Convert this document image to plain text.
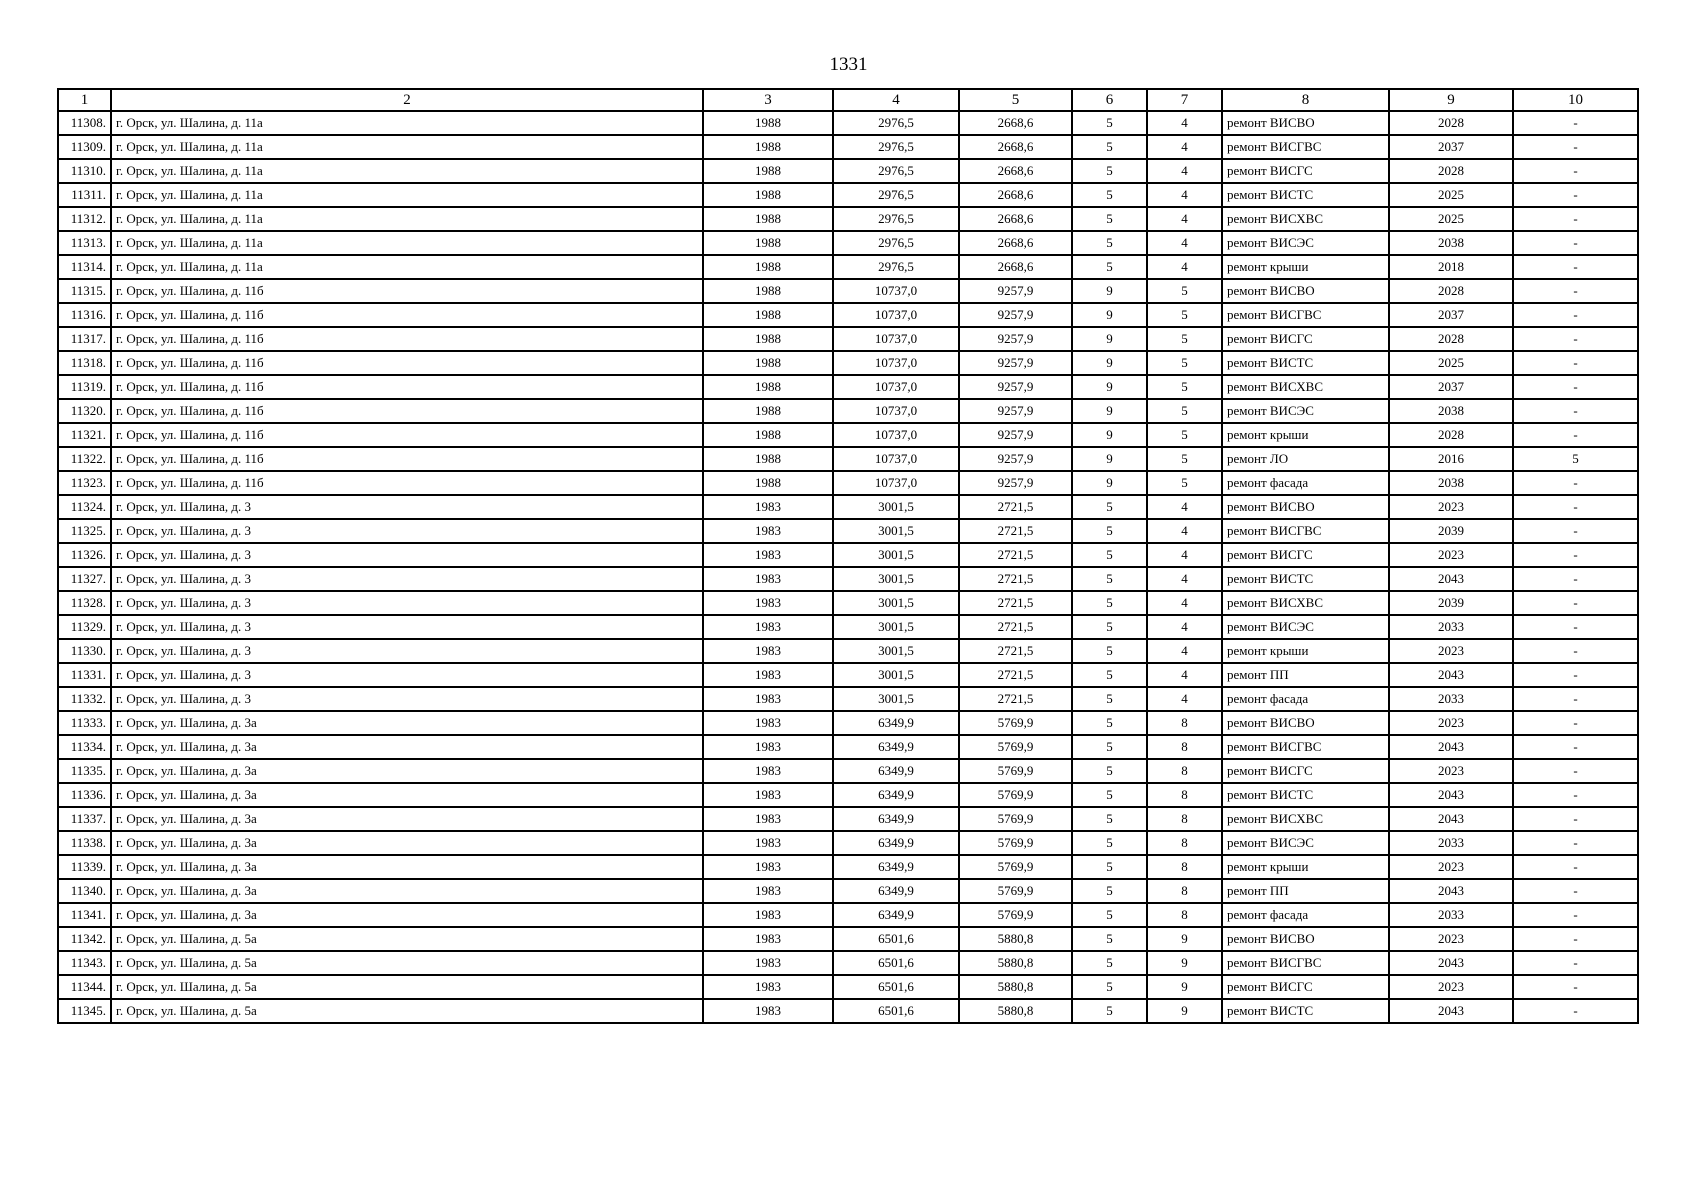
1331
1	2	3	4	5	6	7	8	9	10
11308.	г. Орск, ул. Шалина, д. 11а	1988	2976,5	2668,6	5	4	ремонт ВИСВО	2028	-
11309.	г. Орск, ул. Шалина, д. 11а	1988	2976,5	2668,6	5	4	ремонт ВИСГВС	2037	-
11310.	г. Орск, ул. Шалина, д. 11а	1988	2976,5	2668,6	5	4	ремонт ВИСГС	2028	-
11311.	г. Орск, ул. Шалина, д. 11а	1988	2976,5	2668,6	5	4	ремонт ВИСТС	2025	-
11312.	г. Орск, ул. Шалина, д. 11а	1988	2976,5	2668,6	5	4	ремонт ВИСХВС	2025	-
11313.	г. Орск, ул. Шалина, д. 11а	1988	2976,5	2668,6	5	4	ремонт ВИСЭС	2038	-
11314.	г. Орск, ул. Шалина, д. 11а	1988	2976,5	2668,6	5	4	ремонт крыши	2018	-
11315.	г. Орск, ул. Шалина, д. 11б	1988	10737,0	9257,9	9	5	ремонт ВИСВО	2028	-
11316.	г. Орск, ул. Шалина, д. 11б	1988	10737,0	9257,9	9	5	ремонт ВИСГВС	2037	-
11317.	г. Орск, ул. Шалина, д. 11б	1988	10737,0	9257,9	9	5	ремонт ВИСГС	2028	-
11318.	г. Орск, ул. Шалина, д. 11б	1988	10737,0	9257,9	9	5	ремонт ВИСТС	2025	-
11319.	г. Орск, ул. Шалина, д. 11б	1988	10737,0	9257,9	9	5	ремонт ВИСХВС	2037	-
11320.	г. Орск, ул. Шалина, д. 11б	1988	10737,0	9257,9	9	5	ремонт ВИСЭС	2038	-
11321.	г. Орск, ул. Шалина, д. 11б	1988	10737,0	9257,9	9	5	ремонт крыши	2028	-
11322.	г. Орск, ул. Шалина, д. 11б	1988	10737,0	9257,9	9	5	ремонт ЛО	2016	5
11323.	г. Орск, ул. Шалина, д. 11б	1988	10737,0	9257,9	9	5	ремонт фасада	2038	-
11324.	г. Орск, ул. Шалина, д. 3	1983	3001,5	2721,5	5	4	ремонт ВИСВО	2023	-
11325.	г. Орск, ул. Шалина, д. 3	1983	3001,5	2721,5	5	4	ремонт ВИСГВС	2039	-
11326.	г. Орск, ул. Шалина, д. 3	1983	3001,5	2721,5	5	4	ремонт ВИСГС	2023	-
11327.	г. Орск, ул. Шалина, д. 3	1983	3001,5	2721,5	5	4	ремонт ВИСТС	2043	-
11328.	г. Орск, ул. Шалина, д. 3	1983	3001,5	2721,5	5	4	ремонт ВИСХВС	2039	-
11329.	г. Орск, ул. Шалина, д. 3	1983	3001,5	2721,5	5	4	ремонт ВИСЭС	2033	-
11330.	г. Орск, ул. Шалина, д. 3	1983	3001,5	2721,5	5	4	ремонт крыши	2023	-
11331.	г. Орск, ул. Шалина, д. 3	1983	3001,5	2721,5	5	4	ремонт ПП	2043	-
11332.	г. Орск, ул. Шалина, д. 3	1983	3001,5	2721,5	5	4	ремонт фасада	2033	-
11333.	г. Орск, ул. Шалина, д. 3а	1983	6349,9	5769,9	5	8	ремонт ВИСВО	2023	-
11334.	г. Орск, ул. Шалина, д. 3а	1983	6349,9	5769,9	5	8	ремонт ВИСГВС	2043	-
11335.	г. Орск, ул. Шалина, д. 3а	1983	6349,9	5769,9	5	8	ремонт ВИСГС	2023	-
11336.	г. Орск, ул. Шалина, д. 3а	1983	6349,9	5769,9	5	8	ремонт ВИСТС	2043	-
11337.	г. Орск, ул. Шалина, д. 3а	1983	6349,9	5769,9	5	8	ремонт ВИСХВС	2043	-
11338.	г. Орск, ул. Шалина, д. 3а	1983	6349,9	5769,9	5	8	ремонт ВИСЭС	2033	-
11339.	г. Орск, ул. Шалина, д. 3а	1983	6349,9	5769,9	5	8	ремонт крыши	2023	-
11340.	г. Орск, ул. Шалина, д. 3а	1983	6349,9	5769,9	5	8	ремонт ПП	2043	-
11341.	г. Орск, ул. Шалина, д. 3а	1983	6349,9	5769,9	5	8	ремонт фасада	2033	-
11342.	г. Орск, ул. Шалина, д. 5а	1983	6501,6	5880,8	5	9	ремонт ВИСВО	2023	-
11343.	г. Орск, ул. Шалина, д. 5а	1983	6501,6	5880,8	5	9	ремонт ВИСГВС	2043	-
11344.	г. Орск, ул. Шалина, д. 5а	1983	6501,6	5880,8	5	9	ремонт ВИСГС	2023	-
11345.	г. Орск, ул. Шалина, д. 5а	1983	6501,6	5880,8	5	9	ремонт ВИСТС	2043	-
